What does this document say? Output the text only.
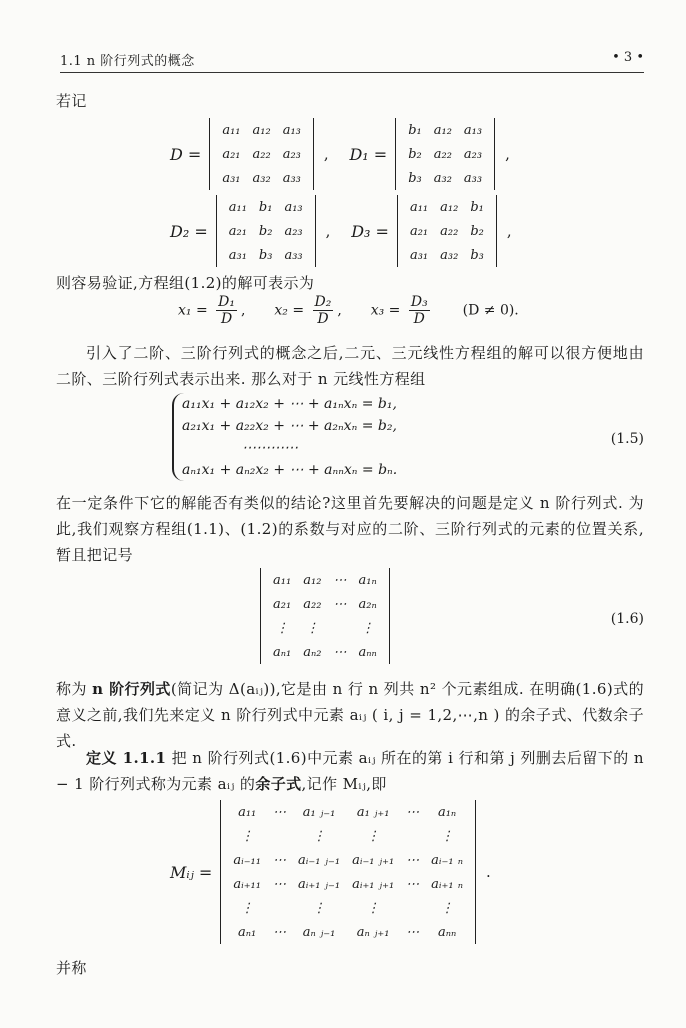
1.1 n 阶行列式的概念	• 3 •
若记
D =
a₁₁	a₁₂	a₁₃
a₂₁	a₂₂	a₂₃
a₃₁	a₃₂	a₃₃
, D₁ =
b₁	a₁₂	a₁₃
b₂	a₂₂	a₂₃
b₃	a₃₂	a₃₃
,
D₂ =
a₁₁	b₁	a₁₃
a₂₁	b₂	a₂₃
a₃₁	b₃	a₃₃
, D₃ =
a₁₁	a₁₂	b₁
a₂₁	a₂₂	b₂
a₃₁	a₃₂	b₃
,
则容易验证,方程组(1.2)的解可表示为
$x_1 = \frac{\text{D₁}}{D}$ , $x_2 = \frac{\text{D₂}}{D}$ , $x_3 = \frac{\text{D₃}}{D} (D \ne 0)$.
引入了二阶、三阶行列式的概念之后,二元、三元线性方程组的解可以很方便地由二阶、三阶行列式表示出来. 那么对于 n 元线性方程组
a₁₁x₁ + a₁₂x₂ + ⋯ + a₁ₙxₙ = b₁,
a₂₁x₁ + a₂₂x₂ + ⋯ + a₂ₙxₙ = b₂,
⋯⋯⋯⋯
aₙ₁x₁ + aₙ₂x₂ + ⋯ + aₙₙxₙ = bₙ.
(1.5)
在一定条件下它的解能否有类似的结论?这里首先要解决的问题是定义 n 阶行列式. 为此,我们观察方程组(1.1)、(1.2)的系数与对应的二阶、三阶行列式的元素的位置关系,暂且把记号
a₁₁	a₁₂	⋯	a₁ₙ
a₂₁	a₂₂	⋯	a₂ₙ
⋮	⋮		⋮
aₙ₁	aₙ₂	⋯	aₙₙ
(1.6)
称为 n 阶行列式(简记为 Δ(aᵢⱼ)),它是由 n 行 n 列共 n² 个元素组成. 在明确(1.6)式的意义之前,我们先来定义 n 阶行列式中元素 aᵢⱼ ( i, j = 1,2,⋯,n ) 的余子式、代数余子式.
定义 1.1.1 把 n 阶行列式(1.6)中元素 aᵢⱼ 所在的第 i 行和第 j 列删去后留下的 n − 1 阶行列式称为元素 aᵢⱼ 的余子式,记作 Mᵢⱼ,即
Mᵢⱼ =
a₁₁	⋯	a₁ ⱼ₋₁	a₁ ⱼ₊₁	⋯	a₁ₙ
⋮		⋮	⋮		⋮
aᵢ₋₁₁	⋯	aᵢ₋₁ ⱼ₋₁	aᵢ₋₁ ⱼ₊₁	⋯	aᵢ₋₁ ₙ
aᵢ₊₁₁	⋯	aᵢ₊₁ ⱼ₋₁	aᵢ₊₁ ⱼ₊₁	⋯	aᵢ₊₁ ₙ
⋮		⋮	⋮		⋮
aₙ₁	⋯	aₙ ⱼ₋₁	aₙ ⱼ₊₁	⋯	aₙₙ
.
并称
